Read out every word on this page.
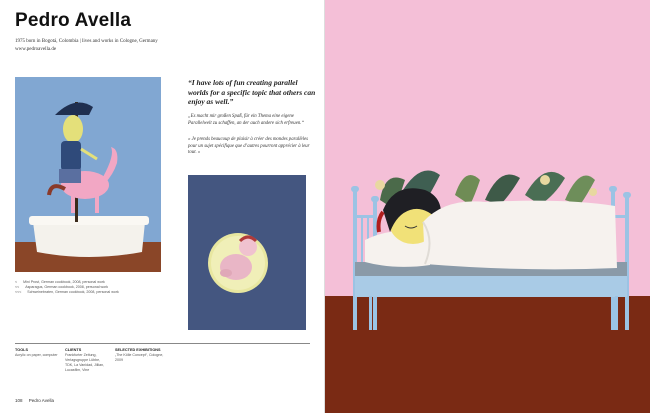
Pedro Avella
1975 born in Bogotá, Colombia | lives and works in Cologne, Germany
www.pedroavella.de
“I have lots of fun creating parallel worlds for a specific topic that others can enjoy as well.”
„Es macht mir großen Spaß, für ein Thema eine eigene Parallelwelt zu schaffen, an der auch andere sich erfreuen.“
« Je prends beaucoup de plaisir à créer des mondes parallèles pour un sujet spécifique que d’autres pourront apprécier à leur tour. »
< Mini Prost, German cookbook, 2008, personal work
<< Asparagus, German cookbook, 2008, personal work
<<< Schweinebraten, German cookbook, 2008, personal work
TOOLS
Acrylic on paper, computer
CLIENTS
Frankfurter Zeitung,
Verlagsgruppe Lübbe,
TDK, La Vanidad, Jillian,
Lucasfilm, Vine
SELECTED EXHIBITIONS
„The Kölle Concept“, Cologne,
2009
108 Pedro Avella
